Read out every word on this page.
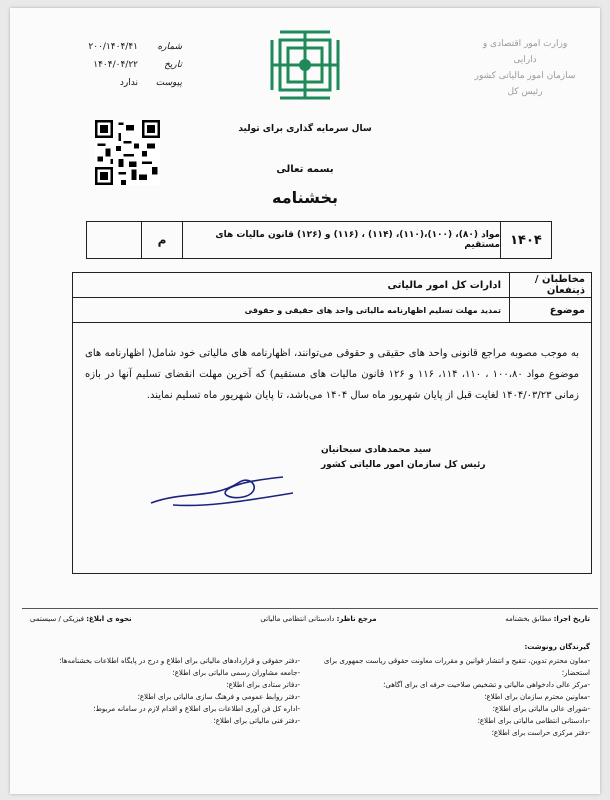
وزارت امور اقتصادی و دارایی
سازمان امور مالیاتی کشور
رئیس کل
شماره
۲۰۰/۱۴۰۴/۴۱
تاریخ
۱۴۰۴/۰۴/۲۲
پیوست
ندارد
سال سرمایه گذاری برای تولید
بسمه تعالی
بخشنامه
۱۴۰۴
مواد (۸۰)، (۱۰۰)،(۱۱۰)، (۱۱۴) ، (۱۱۶) و (۱۲۶) قانون مالیات های مستقیم
م
مخاطبان / ذینفعان
ادارات کل امور مالیاتی
موضوع
تمدید مهلت تسلیم اظهارنامه مالیاتی واحد های حقیقی و حقوقی
به موجب مصوبه مراجع قانونی واحد های حقیقی و حقوقی می‌توانند، اظهارنامه های مالیاتی خود شامل( اظهارنامه های موضوع مواد ۱۰۰،۸۰ ، ۱۱۰، ۱۱۴، ۱۱۶ و ۱۲۶ قانون مالیات های مستقیم) که آخرین مهلت انقضای تسلیم آنها در بازه زمانی ۱۴۰۴/۰۳/۲۳ لغایت قبل از پایان شهریور ماه سال ۱۴۰۴ می‌باشد، تا پایان شهریور ماه تسلیم نمایند.
سید محمدهادی سبحانیان
رئیس کل سازمان امور مالیاتی کشور
تاریخ اجرا: مطابق بخشنامه
مرجع ناظر: دادستانی انتظامی مالیاتی
نحوه ی ابلاغ: فیزیکی / سیستمی
گیرندگان رونوشت:
-معاون محترم تدوین، تنقیح و انتشار قوانین و مقررات معاونت حقوقی ریاست جمهوری برای استحضار؛
-مرکز عالی دادخواهی مالیاتی و تشخیص صلاحیت حرفه ای برای آگاهی؛
-معاونین محترم سازمان برای اطلاع؛
-شورای عالی مالیاتی برای اطلاع؛
-دادستانی انتظامی مالیاتی برای اطلاع؛
-دفتر مرکزی حراست برای اطلاع؛
-دفتر حقوقی و قراردادهای مالیاتی برای اطلاع و درج در پایگاه اطلاعات بخشنامه‌ها؛
-جامعه مشاوران رسمی مالیاتی برای اطلاع؛
-دفاتر ستادی برای اطلاع؛
-دفتر روابط عمومی و فرهنگ سازی مالیاتی برای اطلاع؛
-اداره کل فن آوری اطلاعات برای اطلاع و اقدام لازم در سامانه مربوط؛
-دفتر فنی مالیاتی برای اطلاع؛
